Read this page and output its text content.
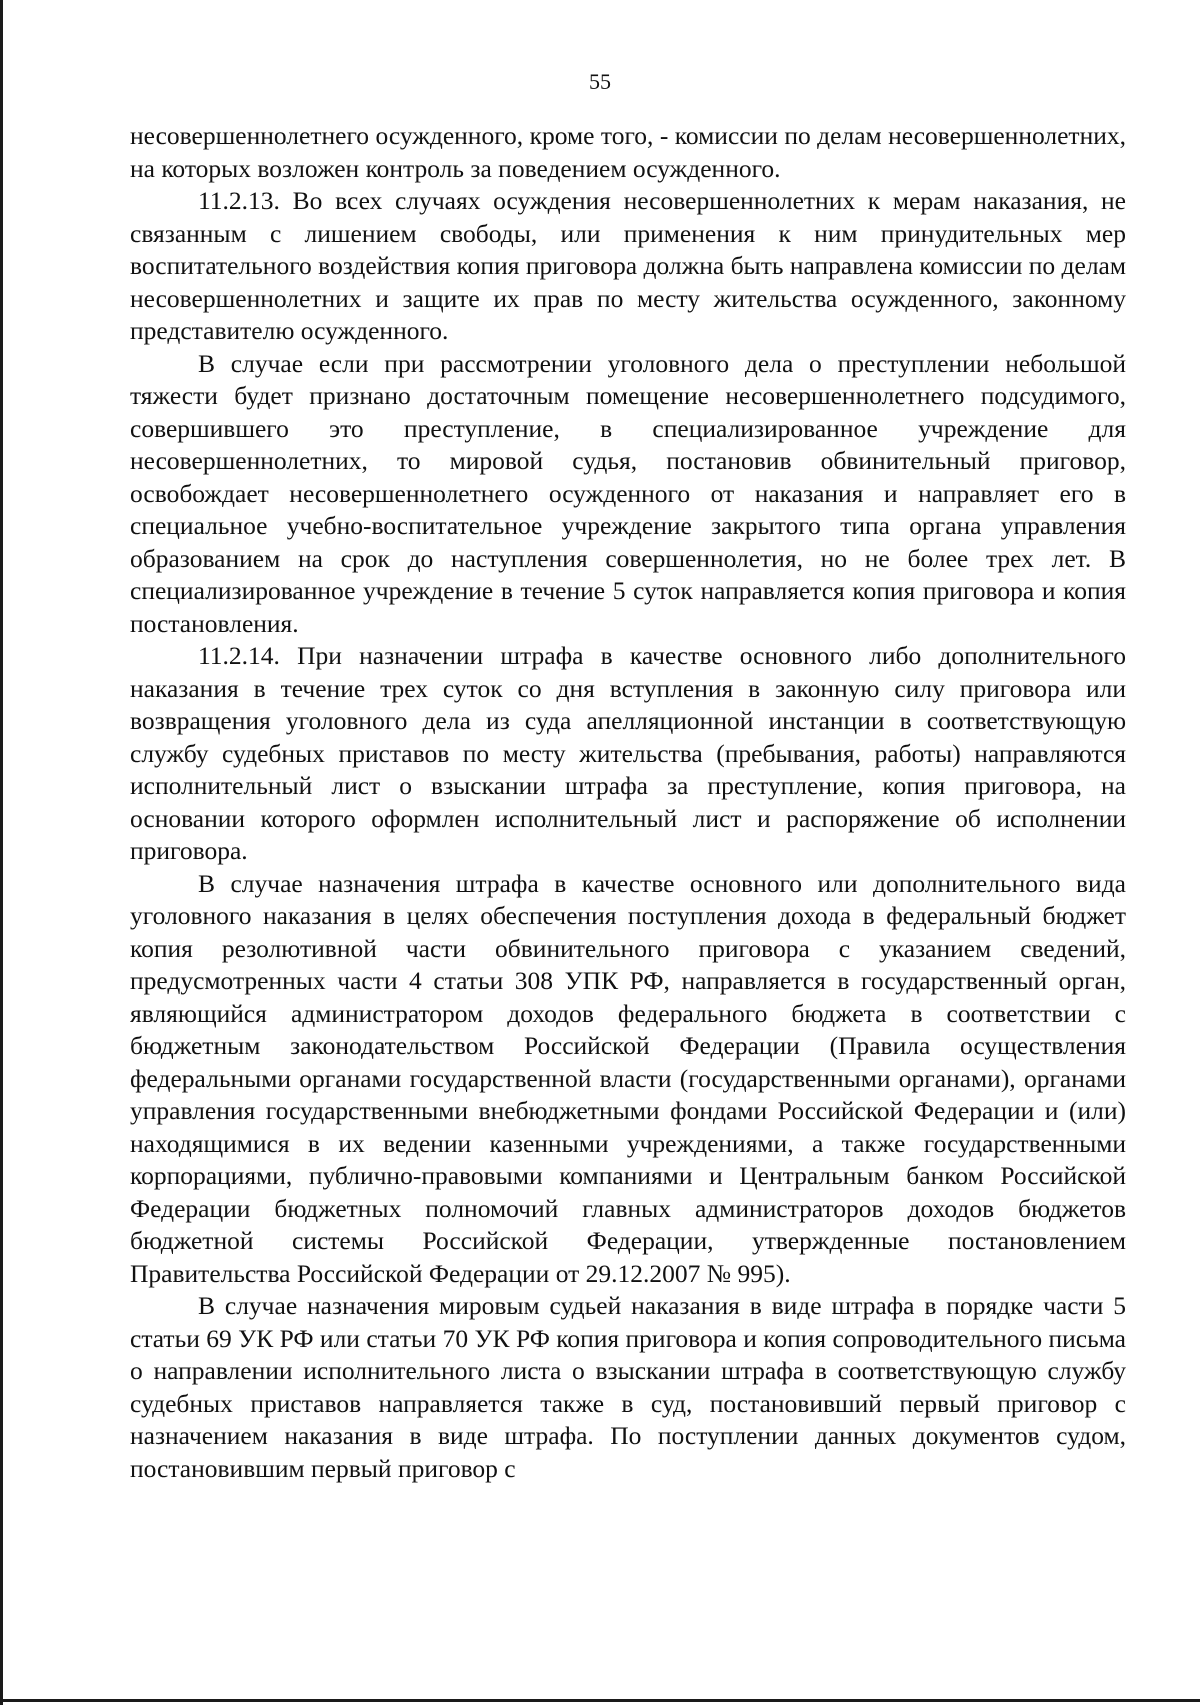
55

несовершеннолетнего осужденного, кроме того, - комиссии по делам несовершеннолетних, на которых возложен контроль за поведением осужденного.

11.2.13. Во всех случаях осуждения несовершеннолетних к мерам наказания, не связанным с лишением свободы, или применения к ним принудительных мер воспитательного воздействия копия приговора должна быть направлена комиссии по делам несовершеннолетних и защите их прав по месту жительства осужденного, законному представителю осужденного.

В случае если при рассмотрении уголовного дела о преступлении небольшой тяжести будет признано достаточным помещение несовершеннолетнего подсудимого, совершившего это преступление, в специализированное учреждение для несовершеннолетних, то мировой судья, постановив обвинительный приговор, освобождает несовершеннолетнего осужденного от наказания и направляет его в специальное учебно-воспитательное учреждение закрытого типа органа управления образованием на срок до наступления совершеннолетия, но не более трех лет. В специализированное учреждение в течение 5 суток направляется копия приговора и копия постановления.

11.2.14. При назначении штрафа в качестве основного либо дополнительного наказания в течение трех суток со дня вступления в законную силу приговора или возвращения уголовного дела из суда апелляционной инстанции в соответствующую службу судебных приставов по месту жительства (пребывания, работы) направляются исполнительный лист о взыскании штрафа за преступление, копия приговора, на основании которого оформлен исполнительный лист и распоряжение об исполнении приговора.

В случае назначения штрафа в качестве основного или дополнительного вида уголовного наказания в целях обеспечения поступления дохода в федеральный бюджет копия резолютивной части обвинительного приговора с указанием сведений, предусмотренных части 4 статьи 308 УПК РФ, направляется в государственный орган, являющийся администратором доходов федерального бюджета в соответствии с бюджетным законодательством Российской Федерации (Правила осуществления федеральными органами государственной власти (государственными органами), органами управления государственными внебюджетными фондами Российской Федерации и (или) находящимися в их ведении казенными учреждениями, а также государственными корпорациями, публично-правовыми компаниями и Центральным банком Российской Федерации бюджетных полномочий главных администраторов доходов бюджетов бюджетной системы Российской Федерации, утвержденные постановлением Правительства Российской Федерации от 29.12.2007 № 995).

В случае назначения мировым судьей наказания в виде штрафа в порядке части 5 статьи 69 УК РФ или статьи 70 УК РФ копия приговора и копия сопроводительного письма о направлении исполнительного листа о взыскании штрафа в соответствующую службу судебных приставов направляется также в суд, постановивший первый приговор с назначением наказания в виде штрафа. По поступлении данных документов судом, постановившим первый приговор с
